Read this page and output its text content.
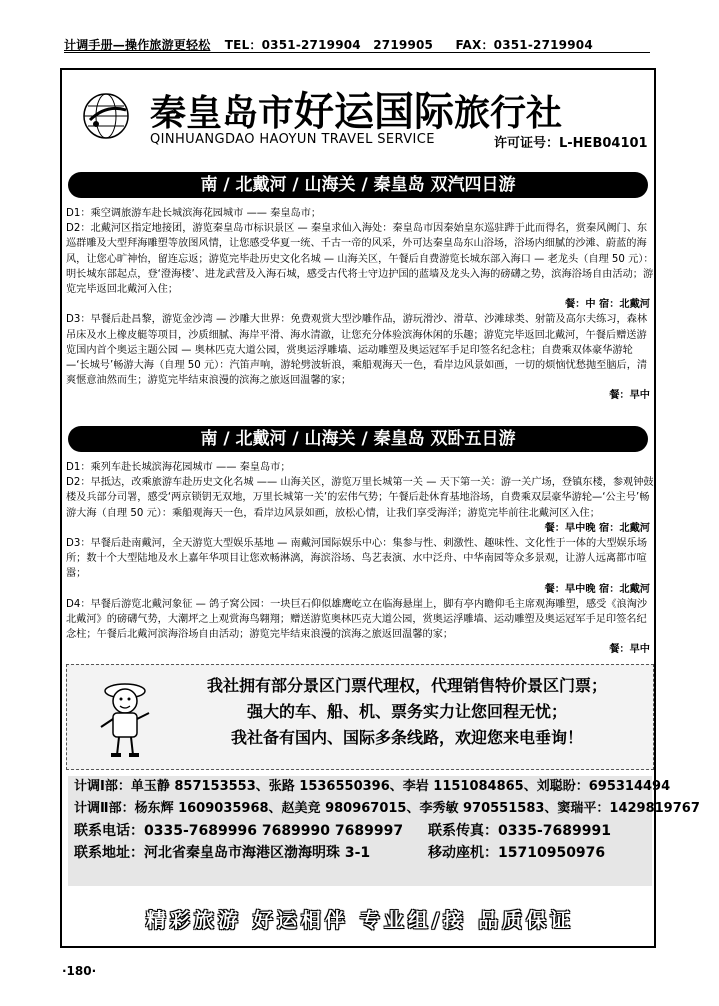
计调手册—操作旅游更轻松 TEL：0351-2719904 2719905 FAX：0351-2719904
秦皇岛市好运国际旅行社
QINHUANGDAO HAOYUN TRAVEL SERVICE	许可证号：L-HEB04101
南 / 北戴河 / 山海关 / 秦皇岛 双汽四日游
D1：乘空调旅游车赴长城滨海花园城市 —— 秦皇岛市；
D2：北戴河区指定地接团，游览秦皇岛市标识景区 — 秦皇求仙入海处：秦皇岛市因秦始皇东巡驻跸于此而得名，赏秦风阙门、东巡群雕及大型拜海雕塑等放图风情，让您感受华夏一统、千古一帝的风采，外可达秦皇岛东山浴场，浴场内细腻的沙滩、蔚蓝的海风，让您心旷神怡，留连忘返；游览完毕赴历史文化名城 — 山海关区，午餐后自费游览长城东部入海口 — 老龙头（自理 50 元）：明长城东部起点，登‘澄海楼’、进龙武营及入海石城，感受古代将士守边护国的蓝墙及龙头入海的磅礴之势，滨海浴场自由活动；游览完毕返回北戴河入住；
餐：中 宿：北戴河
D3：早餐后赴昌黎，游览金沙湾 — 沙雕大世界：免费观赏大型沙雕作品，游玩滑沙、滑草、沙滩球类、射箭及高尔夫练习，森林吊床及水上橡皮艇等项目，沙质细腻、海岸平滑、海水清澈，让您充分体验滨海休闲的乐趣；游览完毕返回北戴河，午餐后赠送游览国内首个奥运主题公园 — 奥林匹克大道公园，赏奥运浮雕墙、运动雕塑及奥运冠军手足印签名纪念柱；自费乘双体豪华游轮—‘长城号’畅游大海（自理 50 元）：汽笛声响，游轮劈波斩浪，乘船观海天一色，看岸边风景如画，一切的烦恼忧愁抛至脑后，清爽惬意油然而生；游览完毕结束浪漫的滨海之旅返回温馨的家；
餐：早中
南 / 北戴河 / 山海关 / 秦皇岛 双卧五日游
D1：乘列车赴长城滨海花园城市 —— 秦皇岛市；
D2：早抵达，改乘旅游车赴历史文化名城 —— 山海关区，游览万里长城第一关 — 天下第一关：游一关广场，登镇东楼，参观钟鼓楼及兵部分司署，感受‘两京锁钥无双地，万里长城第一关’的宏伟气势；午餐后赴休育基地浴场，自费乘双层豪华游轮—‘公主号’畅游大海（自理 50 元）：乘船观海天一色，看岸边风景如画，放松心情，让我们享受海洋；游览完毕前往北戴河区入住；
餐：早中晚 宿：北戴河
D3：早餐后赴南戴河，全天游览大型娱乐基地 — 南戴河国际娱乐中心：集参与性、刺激性、趣味性、文化性于一体的大型娱乐场所；数十个大型陆地及水上嘉年华项目让您欢畅淋漓，海滨浴场、鸟艺表演、水中泛舟、中华南园等众多景观，让游人远离都市喧嚣；
餐：早中晚 宿：北戴河
D4：早餐后游览北戴河象征 — 鸽子窝公园：一块巨石仰似雄鹰屹立在临海悬崖上，脚有亭内瞻仰毛主席观海雕塑，感受《浪淘沙 北戴河》的磅礴气势，大潮坪之上观赏海鸟翱翔；赠送游览奥林匹克大道公园，赏奥运浮雕墙、运动雕塑及奥运冠军手足印签名纪念柱；午餐后北戴河滨海浴场自由活动；游览完毕结束浪漫的滨海之旅返回温馨的家；
餐：早中
我社拥有部分景区门票代理权，代理销售特价景区门票；
强大的车、船、机、票务实力让您回程无忧；
我社备有国内、国际多条线路，欢迎您来电垂询！
计调Ⅰ部：单玉静 857153553、张路 1536550396、李岩 1151084865、刘聪盼：695314494
计调Ⅱ部：杨东辉 1609035968、赵美竞 980967015、李秀敏 970551583、窦瑞平：1429819767
联系电话：0335-7689996 7689990 7689997 联系传真：0335-7689991
联系地址：河北省秦皇岛市海港区渤海明珠 3-1	移动座机：15710950976
精彩旅游 好运相伴 专业组/接 品质保证
·180·
